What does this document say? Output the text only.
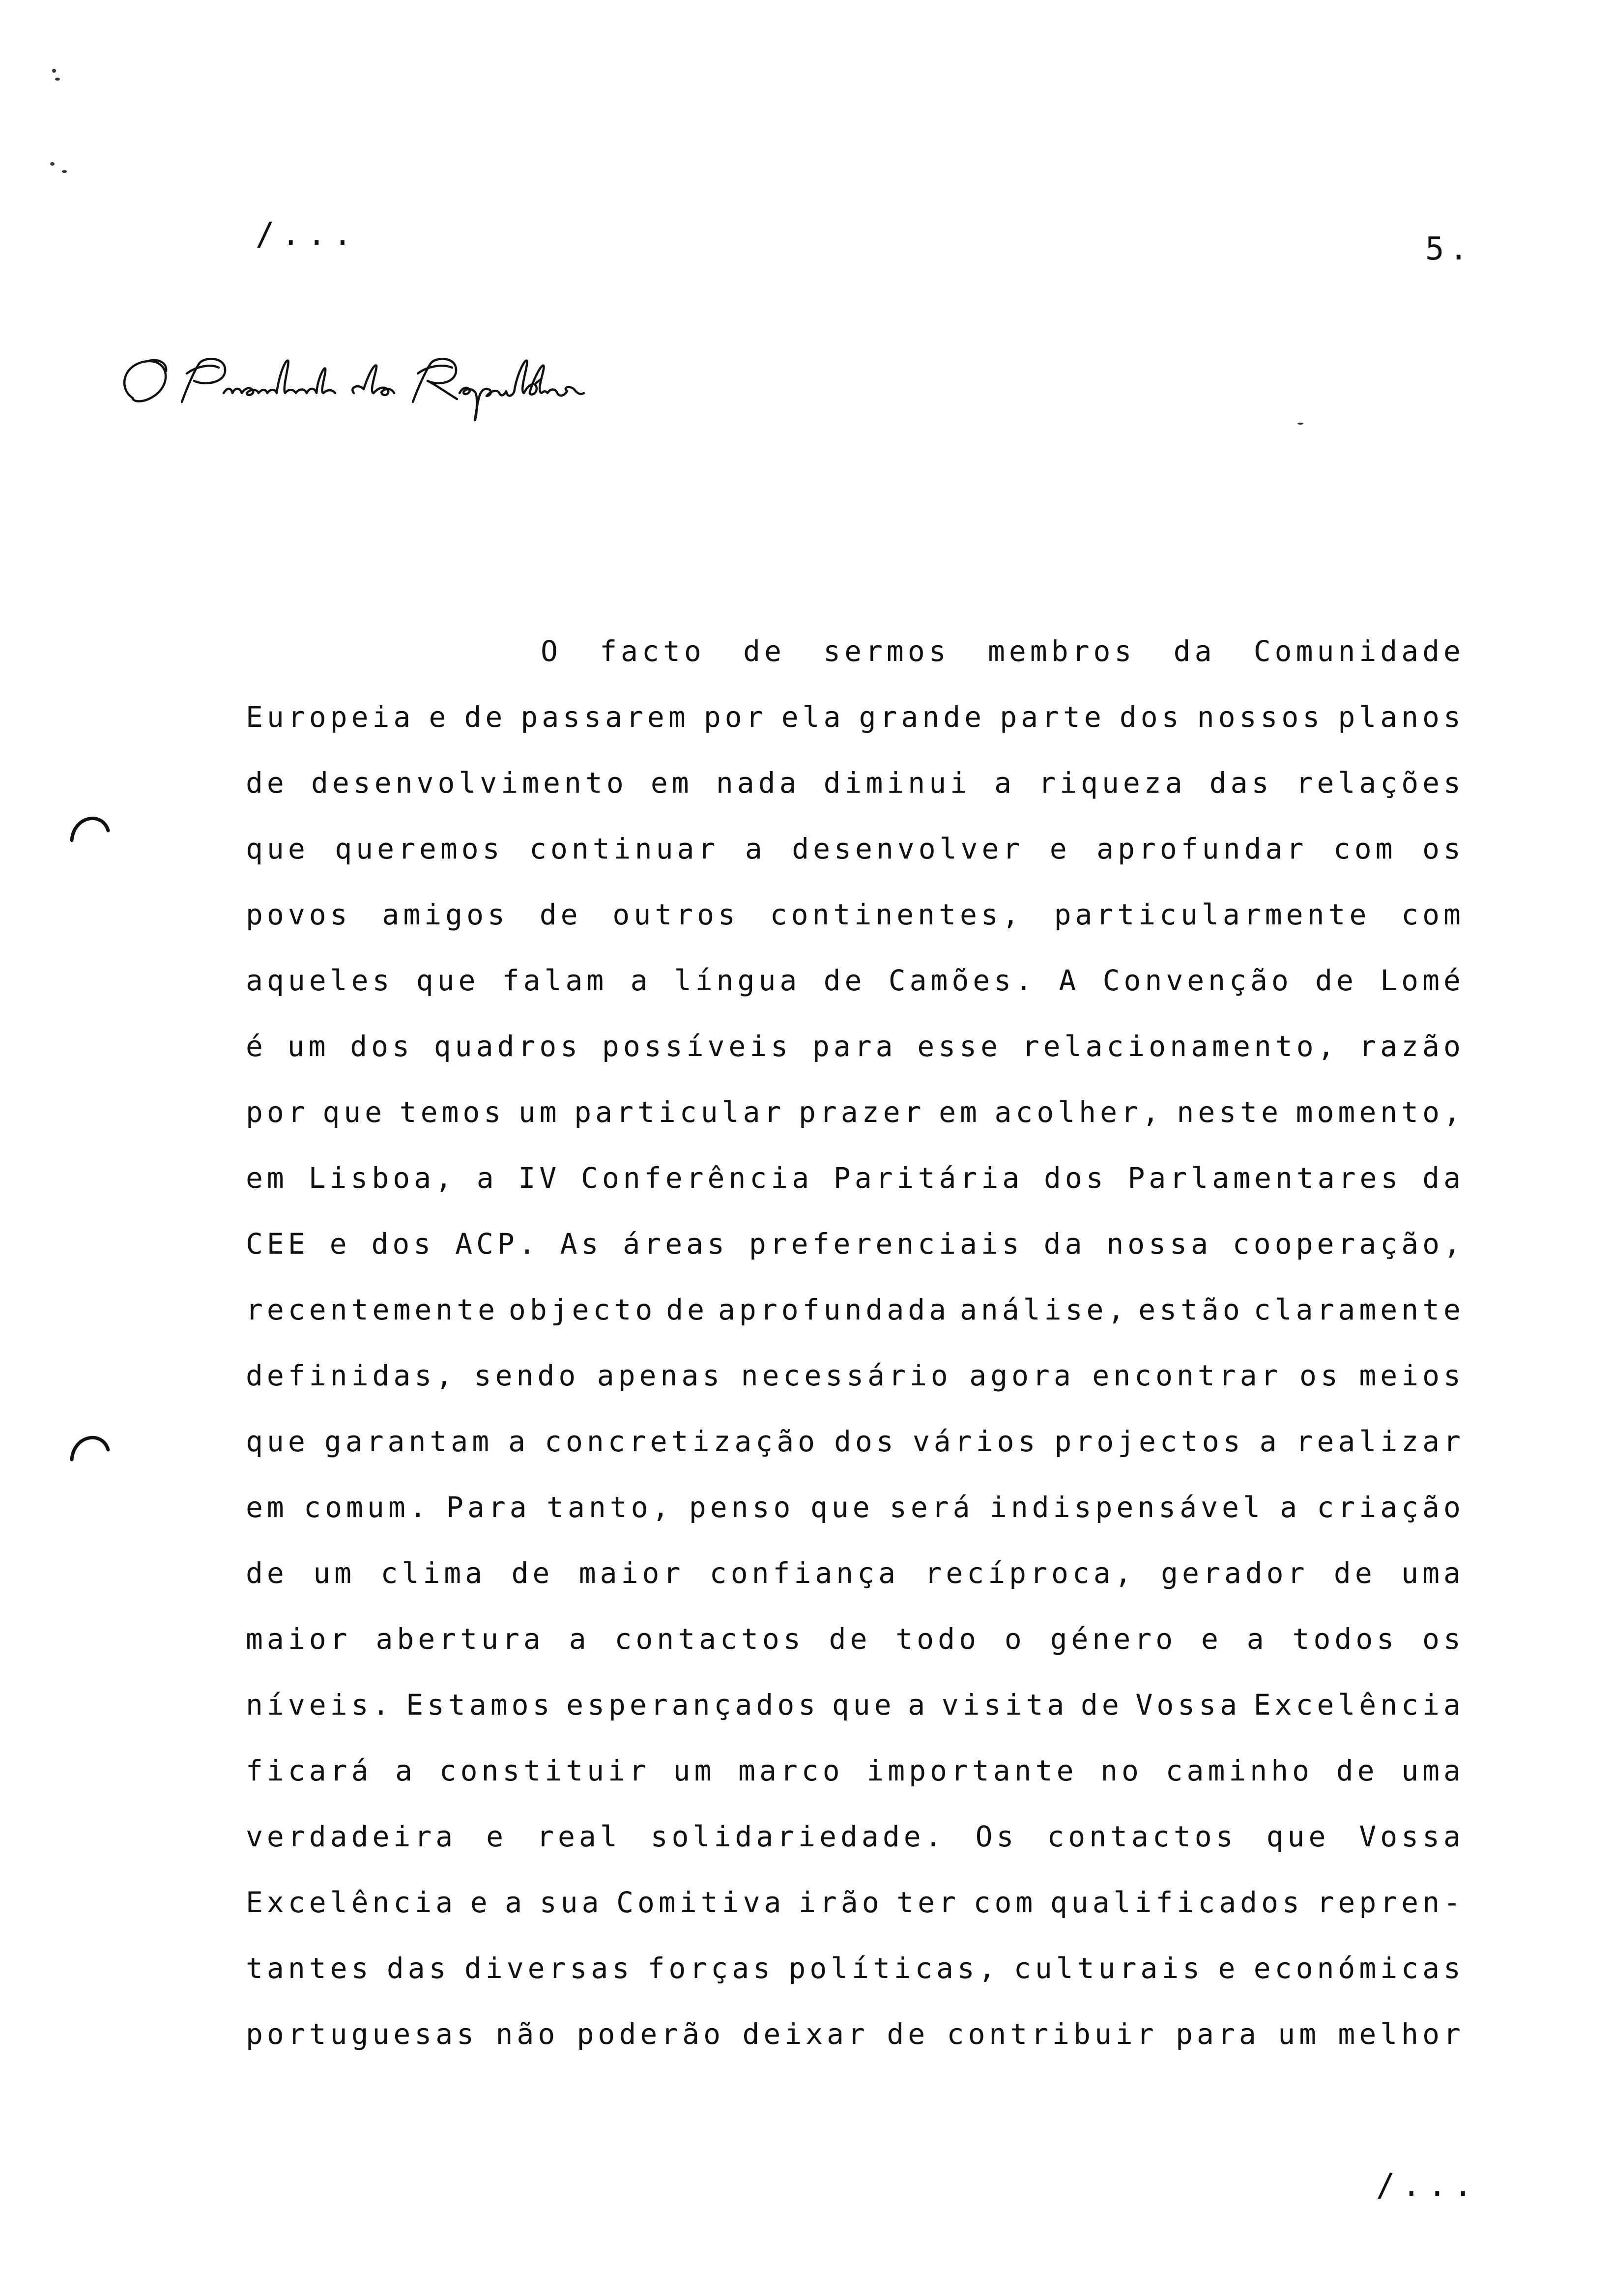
/...	5.
O Presidente da República
O facto de sermos membros da Comunidade
Europeia e de passarem por ela grande parte dos nossos planos
de desenvolvimento em nada diminui a riqueza das relações
que queremos continuar a desenvolver e aprofundar com os
povos amigos de outros continentes, particularmente com
aqueles que falam a língua de Camões. A Convenção de Lomé
é um dos quadros possíveis para esse relacionamento, razão
por que temos um particular prazer em acolher, neste momento,
em Lisboa, a IV Conferência Paritária dos Parlamentares da
CEE e dos ACP. As áreas preferenciais da nossa cooperação,
recentemente objecto de aprofundada análise, estão claramente
definidas, sendo apenas necessário agora encontrar os meios
que garantam a concretização dos vários projectos a realizar
em comum. Para tanto, penso que será indispensável a criação
de um clima de maior confiança recíproca, gerador de uma
maior abertura a contactos de todo o género e a todos os
níveis. Estamos esperançados que a visita de Vossa Excelência
ficará a constituir um marco importante no caminho de uma
verdadeira e real solidariedade. Os contactos que Vossa
Excelência e a sua Comitiva irão ter com qualificados repren-
tantes das diversas forças políticas, culturais e económicas
portuguesas não poderão deixar de contribuir para um melhor
/...
